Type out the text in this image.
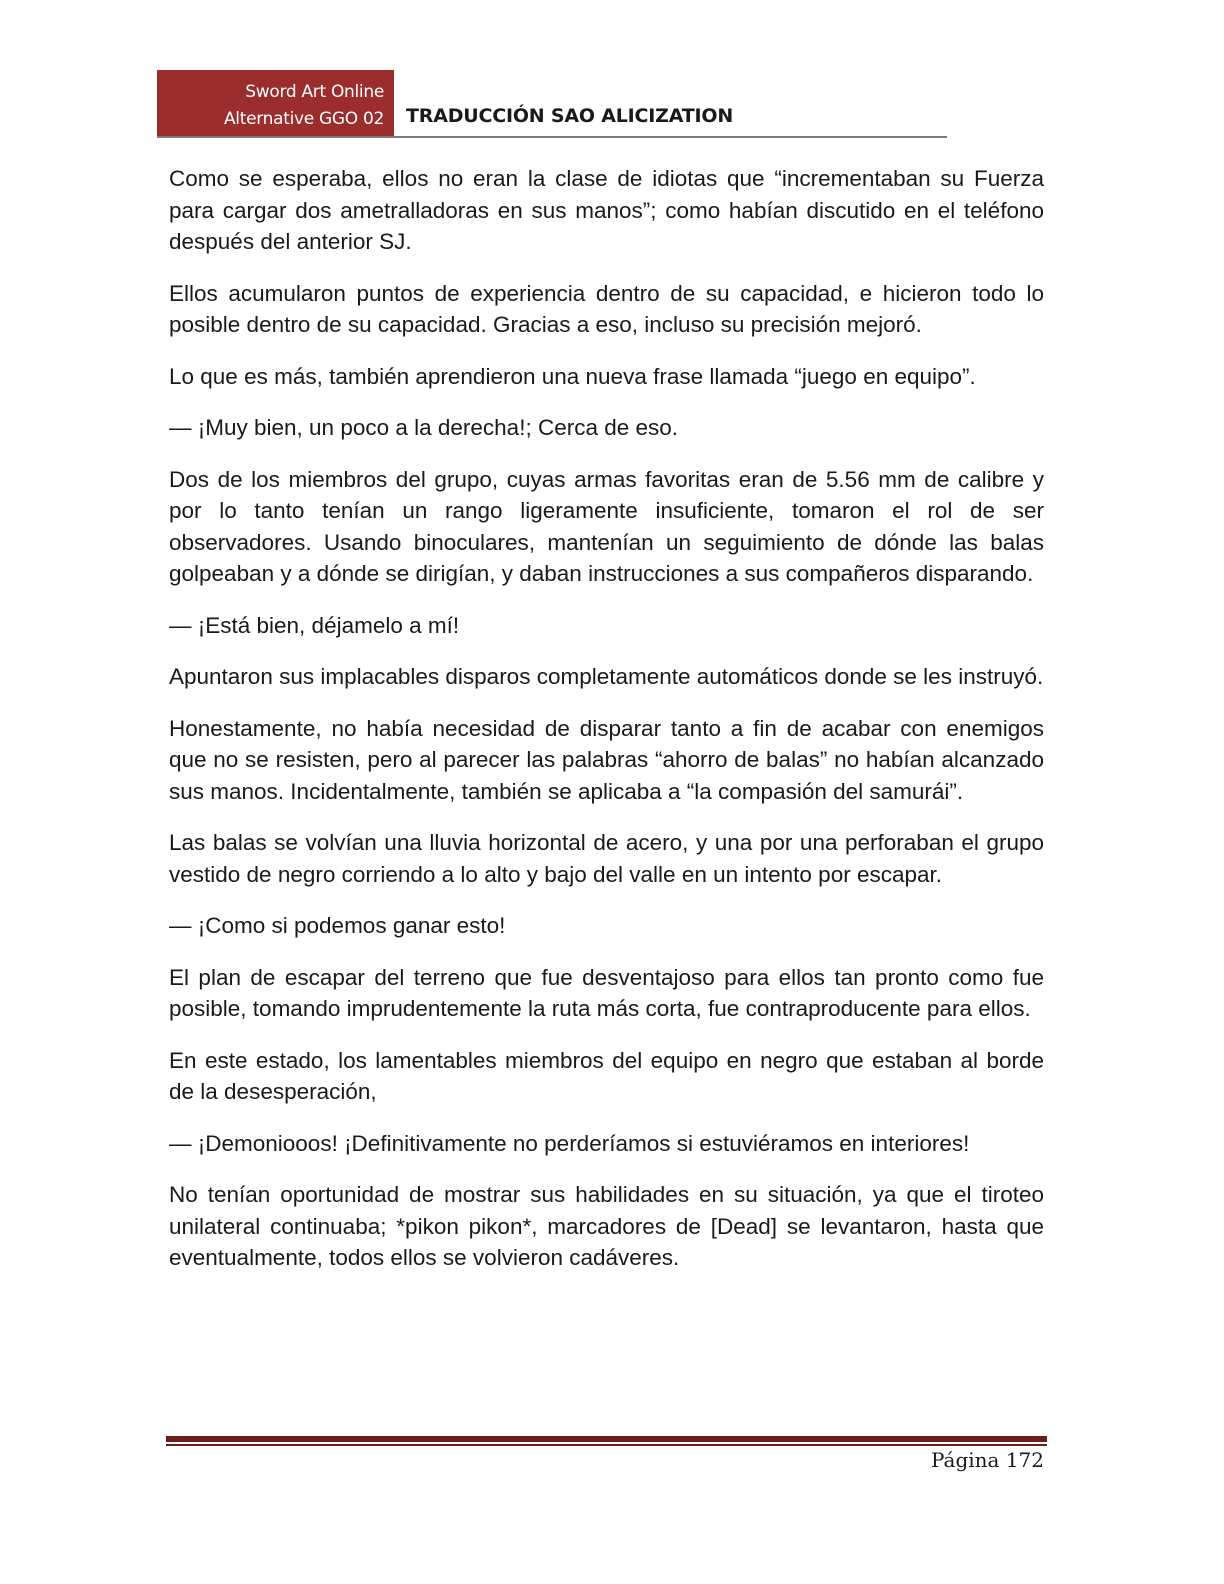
Sword Art Online
Alternative GGO 02 TRADUCCIÓN SAO ALICIZATION

Como se esperaba, ellos no eran la clase de idiotas que “incrementaban su Fuerza para cargar dos ametralladoras en sus manos”; como habían discutido en el teléfono después del anterior SJ.

Ellos acumularon puntos de experiencia dentro de su capacidad, e hicieron todo lo posible dentro de su capacidad. Gracias a eso, incluso su precisión mejoró.

Lo que es más, también aprendieron una nueva frase llamada “juego en equipo”.

— ¡Muy bien, un poco a la derecha!; Cerca de eso.

Dos de los miembros del grupo, cuyas armas favoritas eran de 5.56 mm de calibre y por lo tanto tenían un rango ligeramente insuficiente, tomaron el rol de ser observadores. Usando binoculares, mantenían un seguimiento de dónde las balas golpeaban y a dónde se dirigían, y daban instrucciones a sus compañeros disparando.

— ¡Está bien, déjamelo a mí!

Apuntaron sus implacables disparos completamente automáticos donde se les instruyó.

Honestamente, no había necesidad de disparar tanto a fin de acabar con enemigos que no se resisten, pero al parecer las palabras “ahorro de balas” no habían alcanzado sus manos. Incidentalmente, también se aplicaba a “la compasión del samurái”.

Las balas se volvían una lluvia horizontal de acero, y una por una perforaban el grupo vestido de negro corriendo a lo alto y bajo del valle en un intento por escapar.

— ¡Como si podemos ganar esto!

El plan de escapar del terreno que fue desventajoso para ellos tan pronto como fue posible, tomando imprudentemente la ruta más corta, fue contraproducente para ellos.

En este estado, los lamentables miembros del equipo en negro que estaban al borde de la desesperación,

— ¡Demoniooos! ¡Definitivamente no perderíamos si estuviéramos en interiores!

No tenían oportunidad de mostrar sus habilidades en su situación, ya que el tiroteo unilateral continuaba; *pikon pikon*, marcadores de [Dead] se levantaron, hasta que eventualmente, todos ellos se volvieron cadáveres.

Página 172
